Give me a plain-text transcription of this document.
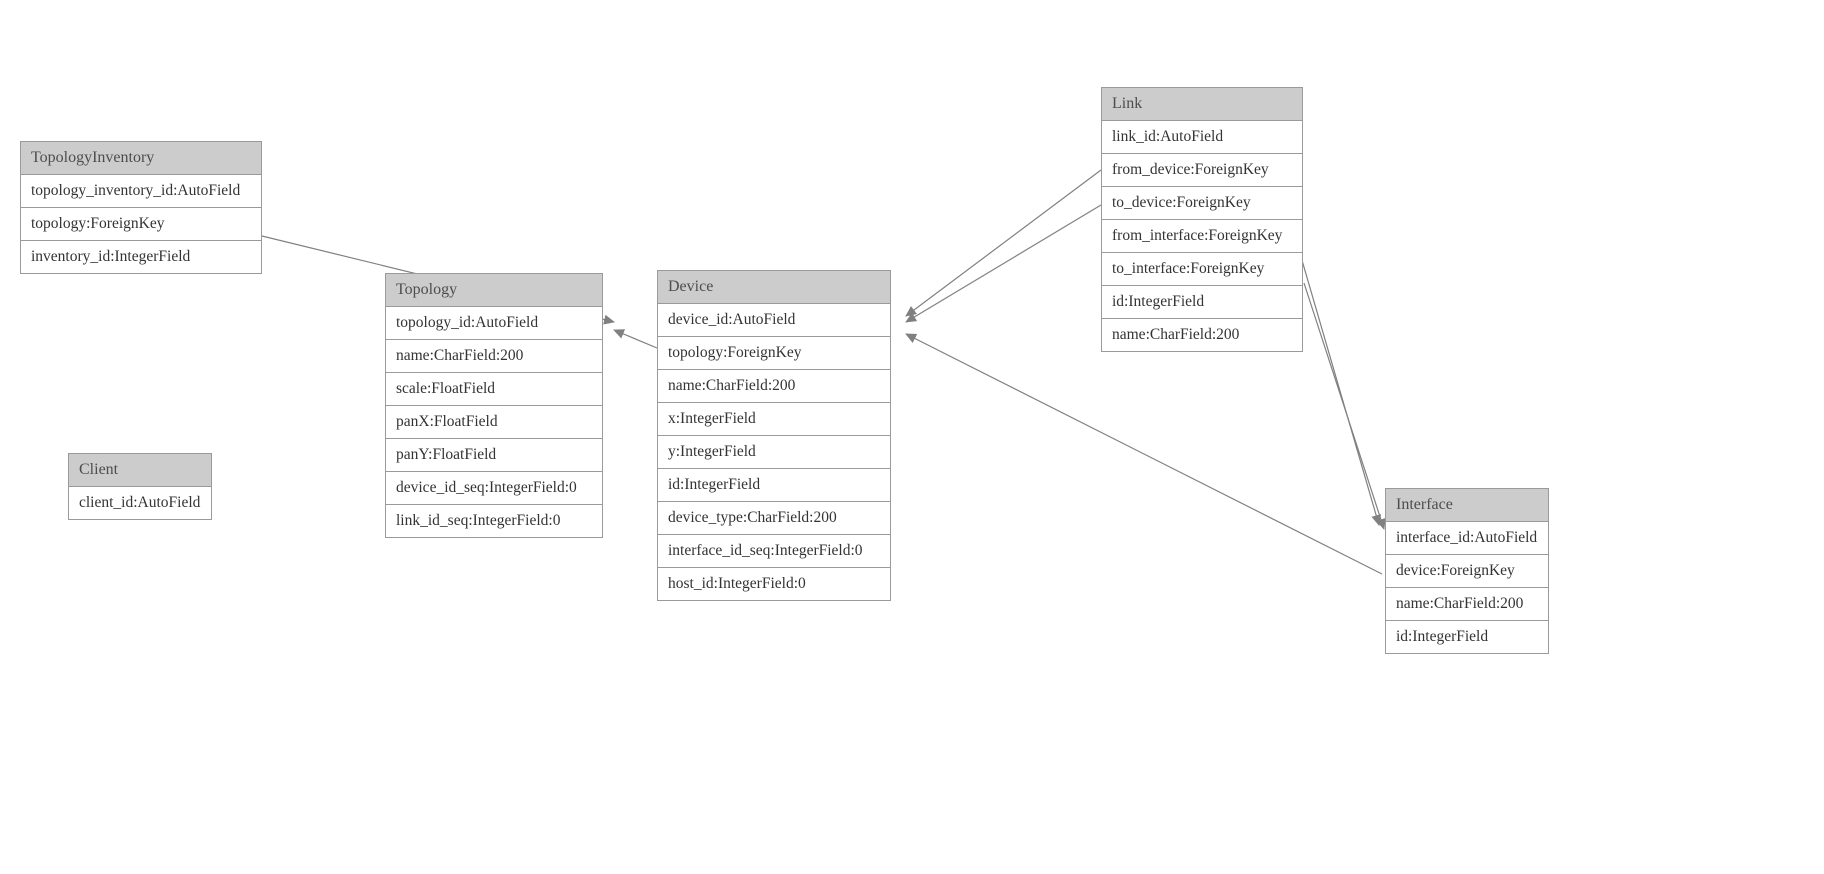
TopologyInventory
topology_inventory_id:AutoField
topology:ForeignKey
inventory_id:IntegerField
Client
client_id:AutoField
Topology
topology_id:AutoField
name:CharField:200
scale:FloatField
panX:FloatField
panY:FloatField
device_id_seq:IntegerField:0
link_id_seq:IntegerField:0
Device
device_id:AutoField
topology:ForeignKey
name:CharField:200
x:IntegerField
y:IntegerField
id:IntegerField
device_type:CharField:200
interface_id_seq:IntegerField:0
host_id:IntegerField:0
Link
link_id:AutoField
from_device:ForeignKey
to_device:ForeignKey
from_interface:ForeignKey
to_interface:ForeignKey
id:IntegerField
name:CharField:200
Interface
interface_id:AutoField
device:ForeignKey
name:CharField:200
id:IntegerField
